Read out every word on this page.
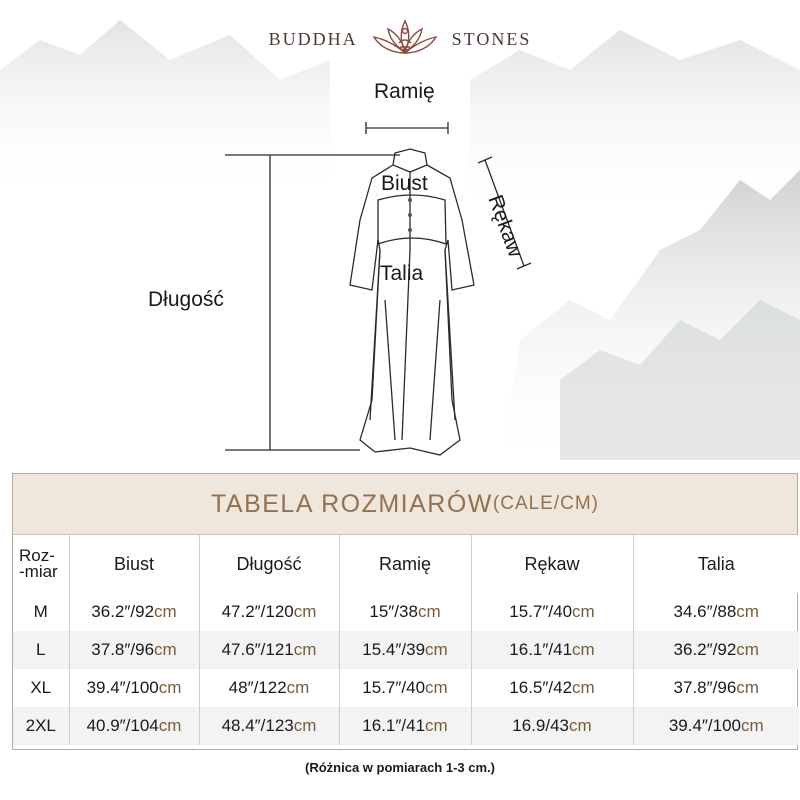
BUDDHA	STONES
Ramię
Biust
Rękaw
Talia
Długość
TABELA ROZMIARÓW (CALE/CM)
Roz-
-miar	Biust	Długość	Ramię	Rękaw	Talia
M	36.2″/92cm	47.2″/120cm	15″/38cm	15.7″/40cm	34.6″/88cm
L	37.8″/96cm	47.6″/121cm	15.4″/39cm	16.1″/41cm	36.2″/92cm
XL	39.4″/100cm	48″/122cm	15.7″/40cm	16.5″/42cm	37.8″/96cm
2XL	40.9″/104cm	48.4″/123cm	16.1″/41cm	16.9/43cm	39.4″/100cm
(Różnica w pomiarach 1-3 cm.)
